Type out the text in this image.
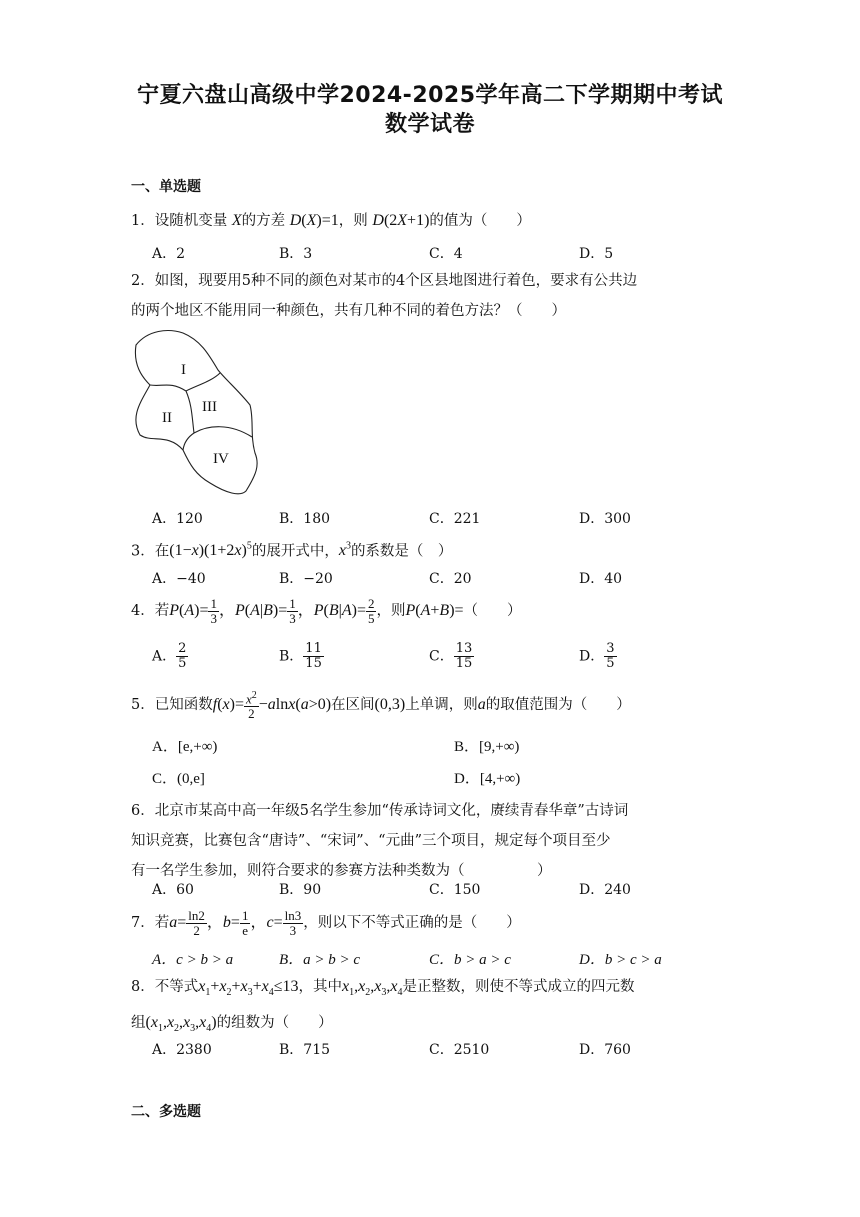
宁夏六盘山高级中学2024-2025学年高二下学期期中考试
数学试卷
一、单选题
1．设随机变量 X的方差 D(X)=1，则 D(2X+1)的值为（　　）
A．2	B．3	C．4	D．5
2．如图，现要用5种不同的颜色对某市的4个区县地图进行着色，要求有公共边
的两个地区不能用同一种颜色，共有几种不同的着色方法？（　　）
I
II
III
IV
A．120	B．180	C．221	D．300
3．在$(1-x)(1+2x)^5$的展开式中，$x^3$的系数是（　）
A．−40	B．−20	C．20	D．40
4．若$P(A)= \frac{1}{3}$ ，$P(A|B)= \frac{1}{3}$ ，$P(B|A)= \frac{2}{5}$ ，则P(A+B)=（　　）
A． $\frac{2}{5}$	B． $\frac{11}{15}$	C． $\frac{13}{15}$	D． $\frac{3}{5}$
5．已知函数$f(x)= \frac{x^2}{2} -alnx(a>0)$在区间(0,3)上单调，则a的取值范围为（　　）
A．[e,+∞)	B．[9,+∞)
C．(0,e]	D．[4,+∞)
6．北京市某高中高一年级5名学生参加“传承诗词文化，赓续青春华章”古诗词
知识竞赛，比赛包含“唐诗”、“宋词”、“元曲”三个项目，规定每个项目至少
有一名学生参加，则符合要求的参赛方法种类数为（　　　　　）
A．60	B．90	C．150	D．240
7．若$a= \frac{\ln 2}{2}$ ，$b= \frac{1}{e}$ ，$c= \frac{\ln 3}{3}$ ，则以下不等式正确的是（　　）
A．c > b > a	B．a > b > c	C．b > a > c	D．b > c > a
8．不等式$x_1+x_2+x_3+x_4\le 13$，其中$x_1,x_2,x_3,x_4$是正整数，则使不等式成立的四元数
组$(x_1,x_2,x_3,x_4)$的组数为（　　）
A．2380	B．715	C．2510	D．760
二、多选题
